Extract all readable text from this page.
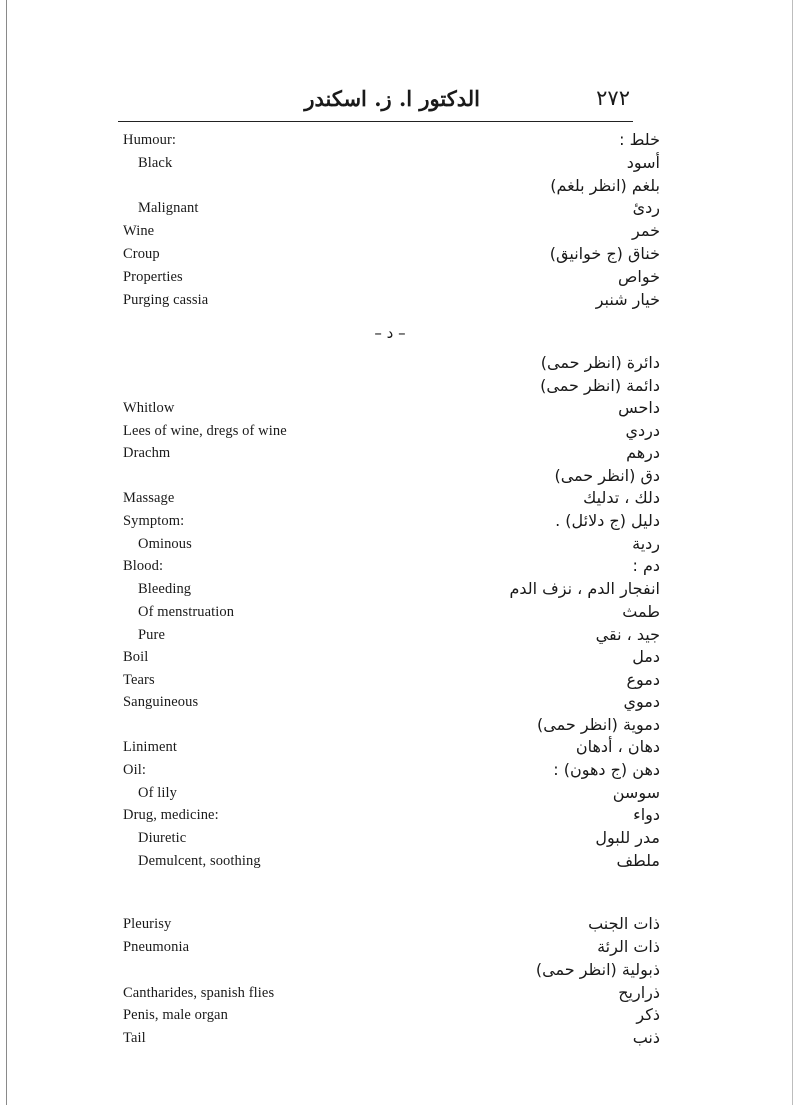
الدكتور ا. ز. اسكندر	٢٧٢
– د –
Humour:	خلط :
Black	أسود
بلغم (انظر بلغم)
Malignant	ردئ
Wine	خمر
Croup	خناق (ج خوانيق)
Properties	خواص
Purging cassia	خيار شنبر
دائرة (انظر حمى)
دائمة (انظر حمى)
Whitlow	داحس
Lees of wine, dregs of wine	دردي
Drachm	درهم
دق (انظر حمى)
Massage	دلك ، تدليك
Symptom:	دليل (ج دلائل) .
Ominous	ردية
Blood:	دم :
Bleeding	انفجار الدم ، نزف الدم
Of menstruation	طمث
Pure	جيد ، نقي
Boil	دمل
Tears	دموع
Sanguineous	دموي
دموية (انظر حمى)
Liniment	دهان ، أدهان
Oil:	دهن (ج دهون) :
Of lily	سوسن
Drug, medicine:	دواء
Diuretic	مدر للبول
Demulcent, soothing	ملطف
Pleurisy	ذات الجنب
Pneumonia	ذات الرئة
ذبولية (انظر حمى)
Cantharides, spanish flies	ذراريح
Penis, male organ	ذكر
Tail	ذنب
